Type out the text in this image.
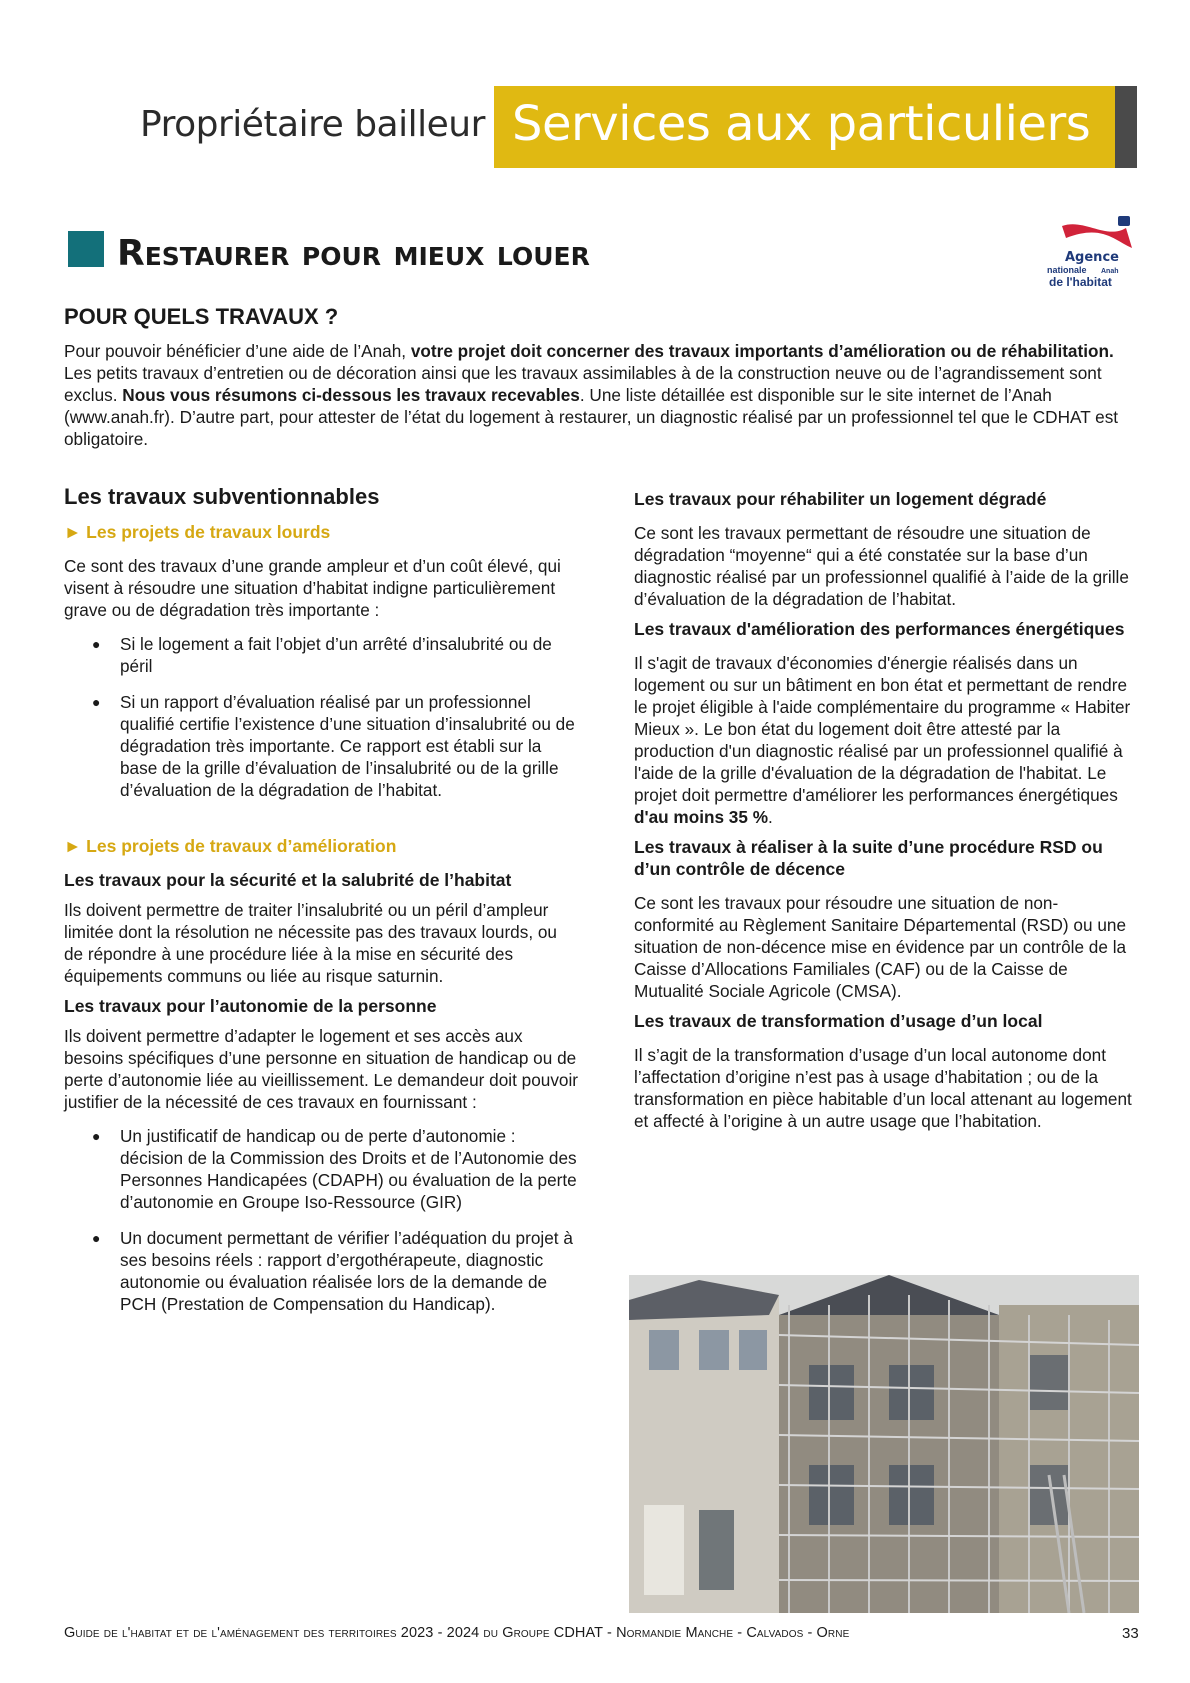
Propriétaire bailleur Services aux particuliers
Restaurer pour mieux louer	Agence
nationale Anah
de l'habitat
POUR QUELS TRAVAUX ?

Pour pouvoir bénéficier d’une aide de l’Anah, votre projet doit concerner des travaux importants d’amélioration ou de réhabilitation. Les petits travaux d’entretien ou de décoration ainsi que les travaux assimilables à de la construction neuve ou de l’agrandissement sont exclus. Nous vous résumons ci-dessous les travaux recevables. Une liste détaillée est disponible sur le site internet de l’Anah (www.anah.fr). D’autre part, pour attester de l’état du logement à restaurer, un diagnostic réalisé par un professionnel tel que le CDHAT est obligatoire.

Les travaux subventionnables
► Les projets de travaux lourds

Ce sont des travaux d’une grande ampleur et d’un coût élevé, qui visent à résoudre une situation d’habitat indigne particulièrement grave ou de dégradation très importante :

● Si le logement a fait l’objet d’un arrêté d’insalubrité ou de péril
● Si un rapport d’évaluation réalisé par un professionnel qualifié certifie l’existence d’une situation d’insalubrité ou de dégradation très importante. Ce rapport est établi sur la base de la grille d’évaluation de l’insalubrité ou de la grille d’évaluation de la dégradation de l’habitat.
► Les projets de travaux d’amélioration
Les travaux pour la sécurité et la salubrité de l’habitat

Ils doivent permettre de traiter l’insalubrité ou un péril d’ampleur limitée dont la résolution ne nécessite pas des travaux lourds, ou de répondre à une procédure liée à la mise en sécurité des équipements communs ou liée au risque saturnin.

Les travaux pour l’autonomie de la personne

Ils doivent permettre d’adapter le logement et ses accès aux besoins spécifiques d’une personne en situation de handicap ou de perte d’autonomie liée au vieillissement. Le demandeur doit pouvoir justifier de la nécessité de ces travaux en fournissant :

● Un justificatif de handicap ou de perte d’autonomie : décision de la Commission des Droits et de l’Autonomie des Personnes Handicapées (CDAPH) ou évaluation de la perte d’autonomie en Groupe Iso-Ressource (GIR)
● Un document permettant de vérifier l’adéquation du projet à ses besoins réels : rapport d’ergothérapeute, diagnostic autonomie ou évaluation réalisée lors de la demande de PCH (Prestation de Compensation du Handicap).
Les travaux pour réhabiliter un logement dégradé

Ce sont les travaux permettant de résoudre une situation de dégradation “moyenne“ qui a été constatée sur la base d’un diagnostic réalisé par un professionnel qualifié à l’aide de la grille d’évaluation de la dégradation de l’habitat.

Les travaux d'amélioration des performances énergétiques

Il s'agit de travaux d'économies d'énergie réalisés dans un logement ou sur un bâtiment en bon état et permettant de rendre le projet éligible à l'aide complémentaire du programme « Habiter Mieux ». Le bon état du logement doit être attesté par la production d'un diagnostic réalisé par un professionnel qualifié à l'aide de la grille d'évaluation de la dégradation de l'habitat. Le projet doit permettre d'améliorer les performances énergétiques d'au moins 35 %.

Les travaux à réaliser à la suite d’une procédure RSD ou d’un contrôle de décence

Ce sont les travaux pour résoudre une situation de non-conformité au Règlement Sanitaire Départemental (RSD) ou une situation de non-décence mise en évidence par un contrôle de la Caisse d’Allocations Familiales (CAF) ou de la Caisse de Mutualité Sociale Agricole (CMSA).

Les travaux de transformation d’usage d’un local

Il s’agit de la transformation d’usage d’un local autonome dont l’affectation d’origine n’est pas à usage d’habitation ; ou de la transformation en pièce habitable d’un local attenant au logement et affecté à l’origine à un autre usage que l’habitation.

Guide de l'habitat et de l'aménagement des territoires 2023 - 2024 du Groupe CDHAT - Normandie Manche - Calvados - Orne	33
